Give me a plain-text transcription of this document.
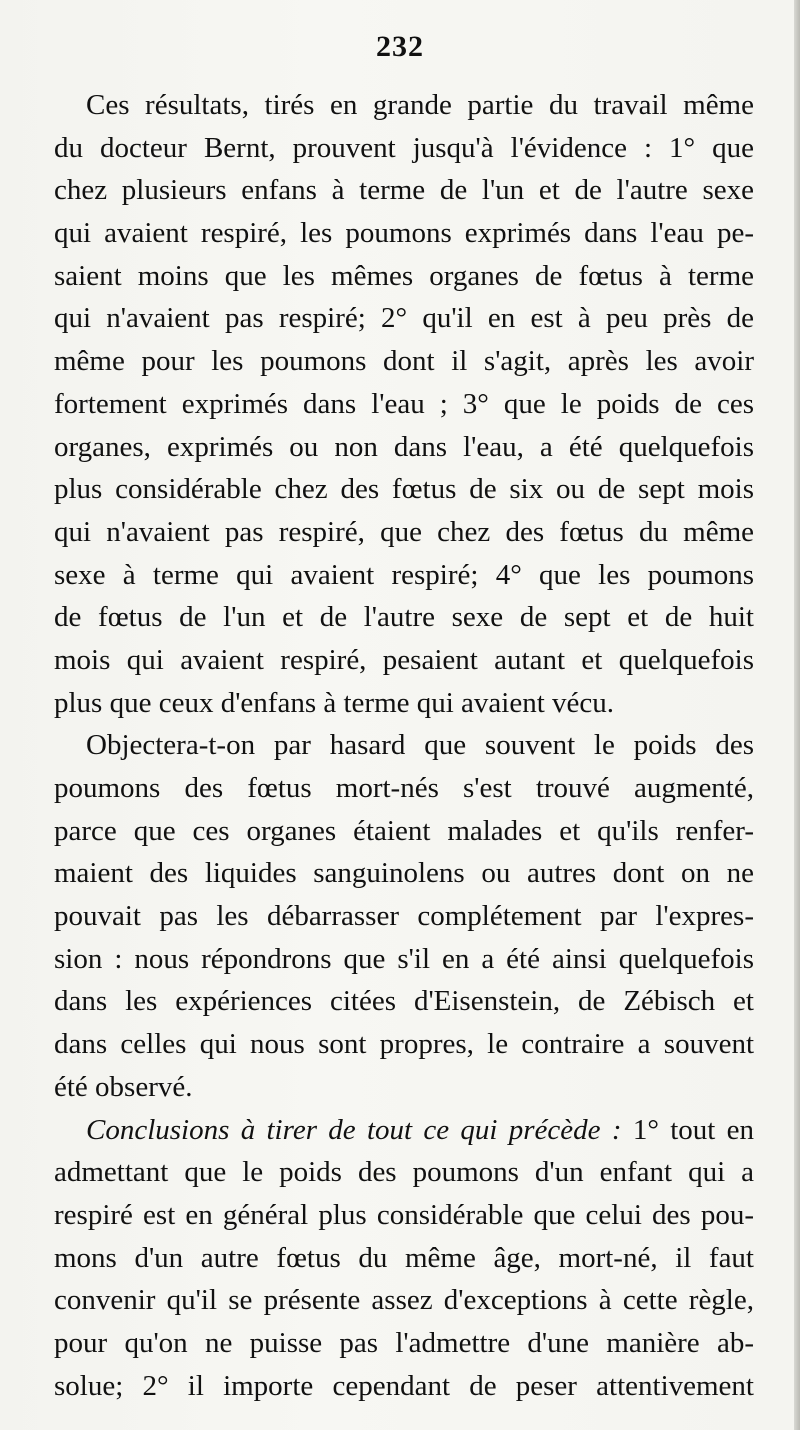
232
Ces résultats, tirés en grande partie du travail même
du docteur Bernt, prouvent jusqu'à l'évidence : 1° que
chez plusieurs enfans à terme de l'un et de l'autre sexe
qui avaient respiré, les poumons exprimés dans l'eau pe-
saient moins que les mêmes organes de fœtus à terme
qui n'avaient pas respiré; 2° qu'il en est à peu près de
même pour les poumons dont il s'agit, après les avoir
fortement exprimés dans l'eau ; 3° que le poids de ces
organes, exprimés ou non dans l'eau, a été quelquefois
plus considérable chez des fœtus de six ou de sept mois
qui n'avaient pas respiré, que chez des fœtus du même
sexe à terme qui avaient respiré; 4° que les poumons
de fœtus de l'un et de l'autre sexe de sept et de huit
mois qui avaient respiré, pesaient autant et quelquefois
plus que ceux d'enfans à terme qui avaient vécu.
Objectera-t-on par hasard que souvent le poids des
poumons des fœtus mort-nés s'est trouvé augmenté,
parce que ces organes étaient malades et qu'ils renfer-
maient des liquides sanguinolens ou autres dont on ne
pouvait pas les débarrasser complétement par l'expres-
sion : nous répondrons que s'il en a été ainsi quelquefois
dans les expériences citées d'Eisenstein, de Zébisch et
dans celles qui nous sont propres, le contraire a souvent
été observé.
Conclusions à tirer de tout ce qui précède : 1° tout en
admettant que le poids des poumons d'un enfant qui a
respiré est en général plus considérable que celui des pou-
mons d'un autre fœtus du même âge, mort-né, il faut
convenir qu'il se présente assez d'exceptions à cette règle,
pour qu'on ne puisse pas l'admettre d'une manière ab-
solue; 2° il importe cependant de peser attentivement
